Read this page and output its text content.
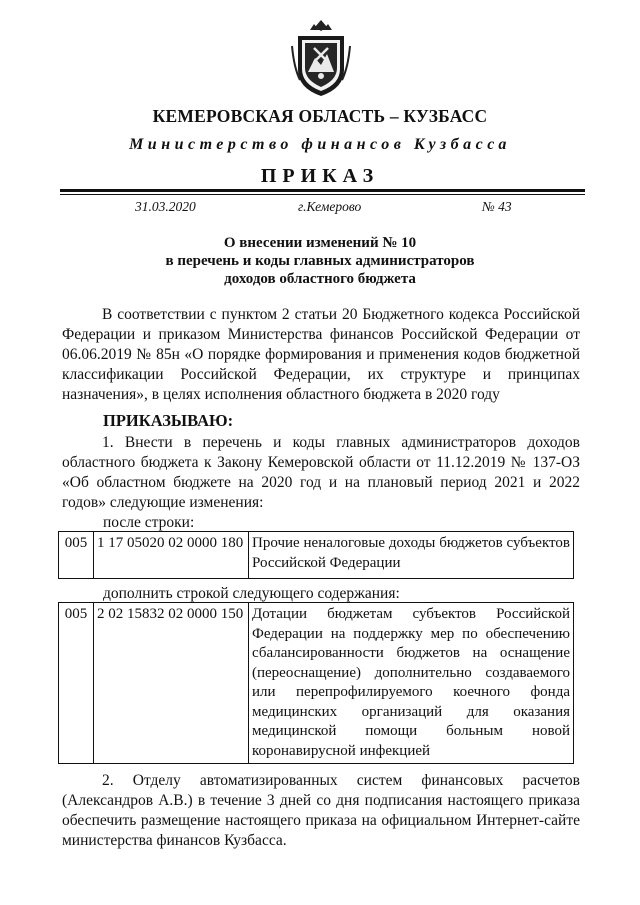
КЕМЕРОВСКАЯ ОБЛАСТЬ – КУЗБАСС
Министерство финансов Кузбасса
ПРИКАЗ
31.03.2020	г.Кемерово	№ 43
О внесении изменений № 10
в перечень и коды главных администраторов
доходов областного бюджета

В соответствии с пунктом 2 статьи 20 Бюджетного кодекса Российской Федерации и приказом Министерства финансов Российской Федерации от 06.06.2019 № 85н «О порядке формирования и применения кодов бюджетной классификации Российской Федерации, их структуре и принципах назначения», в целях исполнения областного бюджета в 2020 году

ПРИКАЗЫВАЮ:

1. Внести в перечень и коды главных администраторов доходов областного бюджета к Закону Кемеровской области от 11.12.2019 № 137-ОЗ «Об областном бюджете на 2020 год и на плановый период 2021 и 2022 годов» следующие изменения:

после строки:
005	1 17 05020 02 0000 180	Прочие неналоговые доходы бюджетов субъектов Российской Федерации
дополнить строкой следующего содержания:
005	2 02 15832 02 0000 150	Дотации бюджетам субъектов Российской Федерации на поддержку мер по обеспечению сбалансированности бюджетов на оснащение (переоснащение) дополнительно создаваемого или перепрофилируемого коечного фонда медицинских организаций для оказания медицинской помощи больным новой коронавирусной инфекцией

2. Отделу автоматизированных систем финансовых расчетов (Александров А.В.) в течение 3 дней со дня подписания настоящего приказа обеспечить размещение настоящего приказа на официальном Интернет-сайте министерства финансов Кузбасса.
